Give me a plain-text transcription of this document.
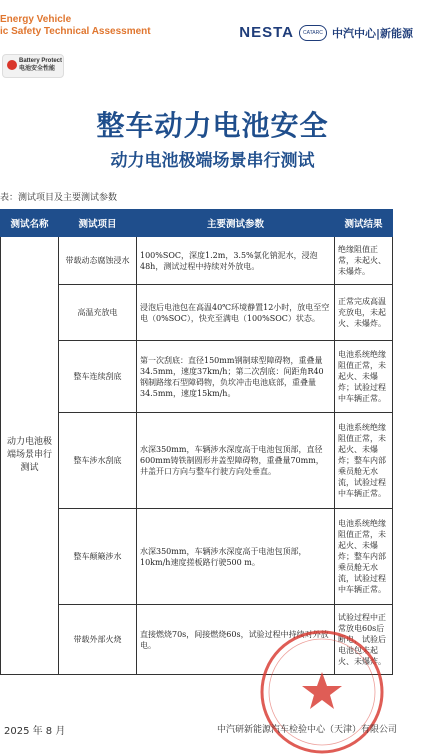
Energy Vehicle
ic Safety Technical Assessment
Battery Protect
电池安全性能
NESTA	CATARC 中汽中心|新能源
整车动力电池安全
动力电池极端场景串行测试
表：测试项目及主要测试参数
测试名称	测试项目	主要测试参数	测试结果
动力电池极端场景串行测试	带载动态腐蚀浸水	100%SOC，深度1.2m，3.5%氯化钠泥水，浸泡48h，测试过程中持续对外放电。	绝缘阻值正常，未起火、未爆炸。
	高温充放电	浸泡后电池包在高温40℃环境静置12小时，放电至空电（0%SOC），快充至满电（100%SOC）状态。	正常完成高温充放电，未起火、未爆炸。
	整车连续刮底	第一次刮底：直径150mm钢制球型障碍物，重叠量34.5mm，速度37km/h；第二次刮底：间距角R40钢制路缘石型障碍物，负坎冲击电池底部，重叠量34.5mm，速度15km/h。	电池系统绝缘阻值正常，未起火、未爆炸；试验过程中车辆正常。
	整车涉水刮底	水深350mm，车辆涉水深度高于电池包顶部，直径600mm铸铁制圆形井盖型障碍物，重叠量70mm，井盖开口方向与整车行驶方向处垂直。	电池系统绝缘阻值正常，未起火、未爆炸；整车内部乘员舱无水流，试验过程中车辆正常。
	整车颠簸涉水	水深350mm，车辆涉水深度高于电池包顶部，10km/h速度搓板路行驶500 m。	电池系统绝缘阻值正常，未起火、未爆炸；整车内部乘员舱无水流，试验过程中车辆正常。
	带载外部火烧	直接燃烧70s，间接燃烧60s，试验过程中持续对外放电。	试验过程中正常放电60s后断电，试验后电池包未起火、未爆炸。
2025 年 8 月	中汽研新能源汽车检验中心（天津）有限公司
